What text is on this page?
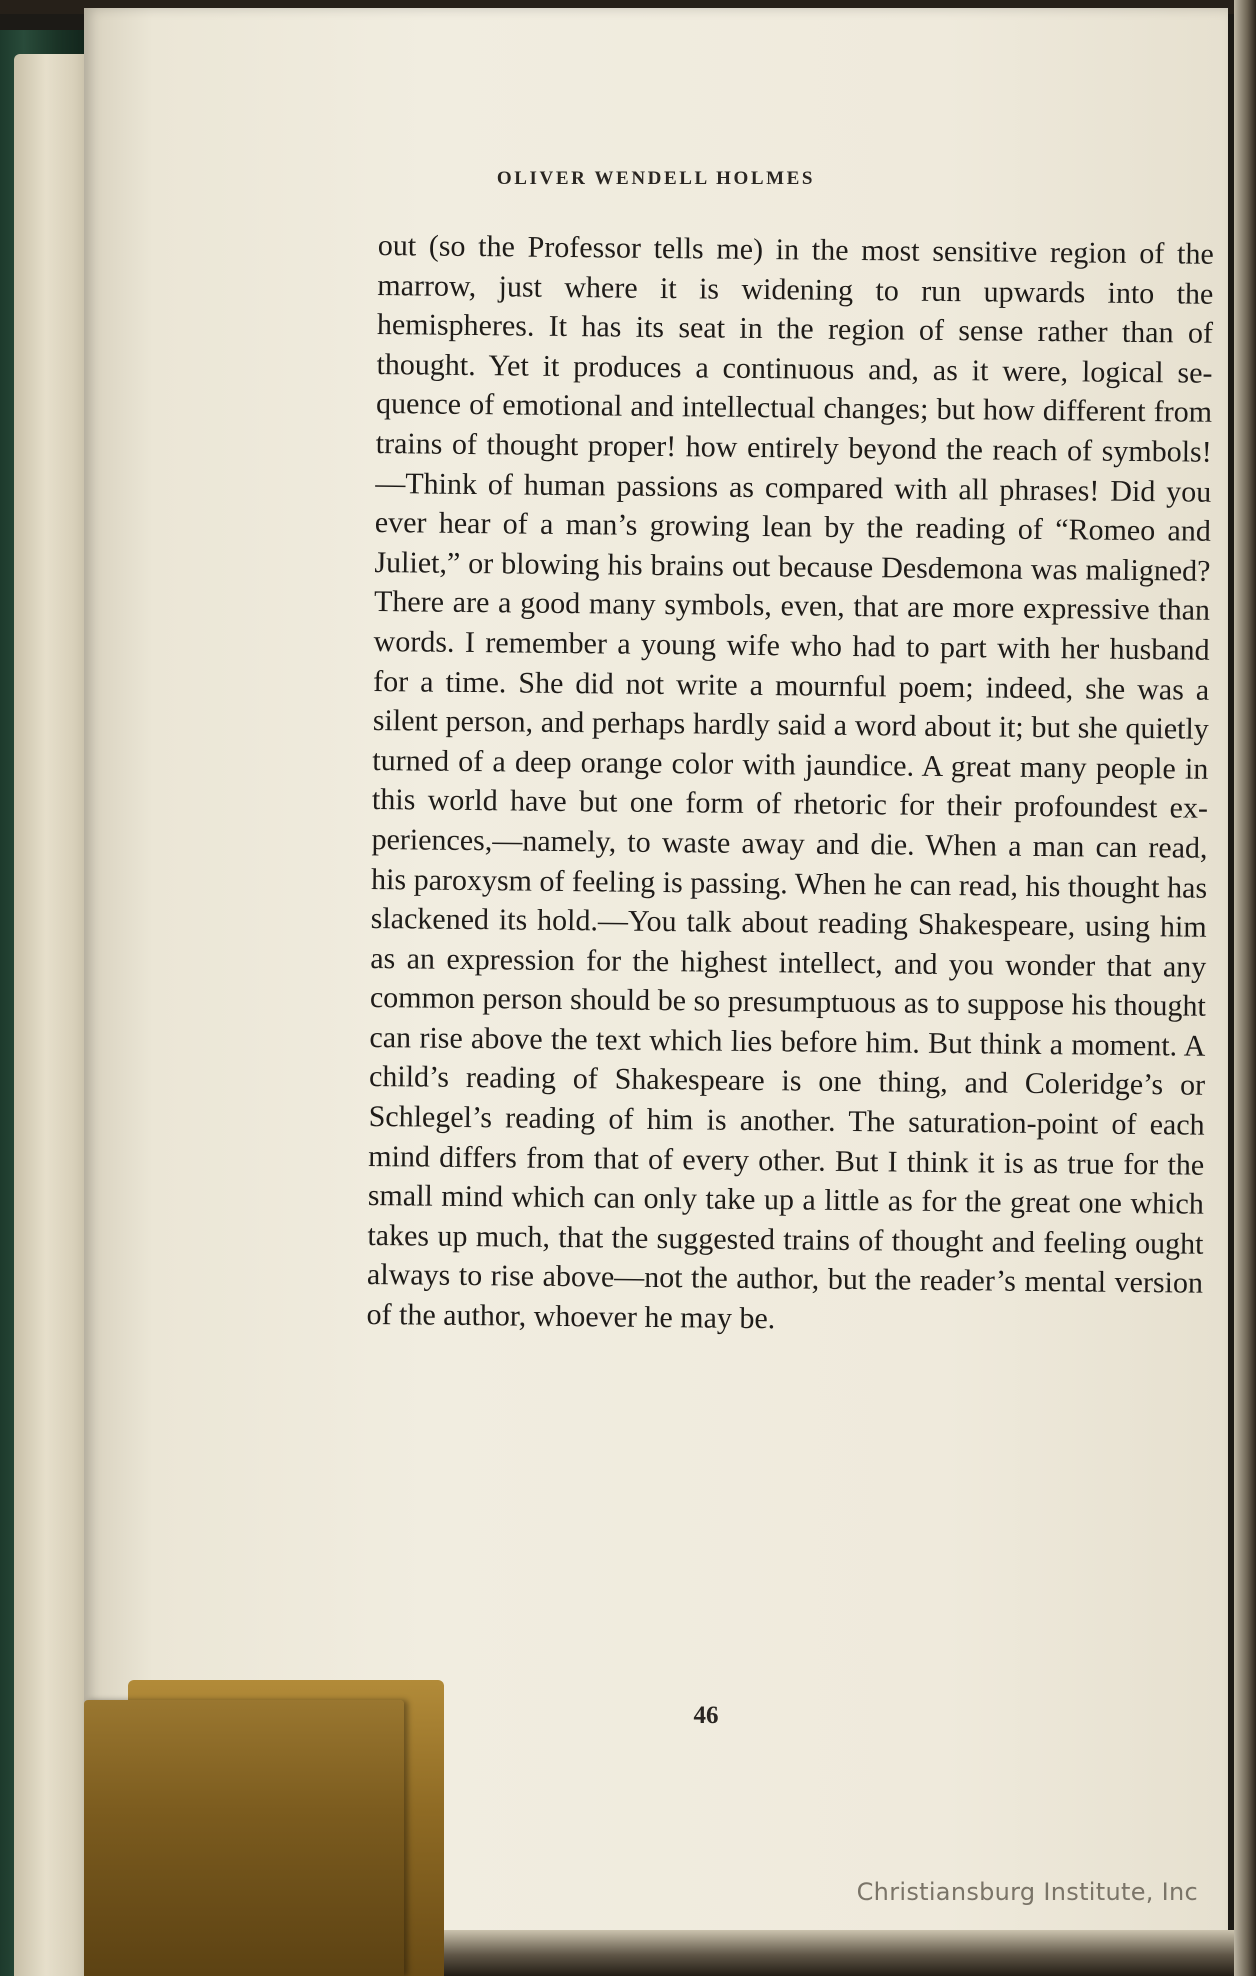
OLIVER WENDELL HOLMES

out (so the Professor tells me) in the most sensitive region of the marrow, just where it is widening to run upwards into the hemispheres. It has its seat in the region of sense rather than of thought. Yet it produces a continuous and, as it were, logical sequence of emotional and intellectual changes; but how different from trains of thought proper! how entirely beyond the reach of symbols!—Think of human passions as compared with all phrases! Did you ever hear of a man’s growing lean by the reading of “Romeo and Juliet,” or blowing his brains out because Desdemona was maligned? There are a good many symbols, even, that are more expressive than words. I remember a young wife who had to part with her husband for a time. She did not write a mournful poem; indeed, she was a silent person, and perhaps hardly said a word about it; but she quietly turned of a deep orange color with jaundice. A great many people in this world have but one form of rhetoric for their profoundest experiences,—namely, to waste away and die. When a man can read, his paroxysm of feeling is passing. When he can read, his thought has slackened its hold.—You talk about reading Shakespeare, using him as an expression for the highest intellect, and you wonder that any common person should be so presumptuous as to suppose his thought can rise above the text which lies before him. But think a moment. A child’s reading of Shakespeare is one thing, and Coleridge’s or Schlegel’s reading of him is another. The saturation-point of each mind differs from that of every other. But I think it is as true for the small mind which can only take up a little as for the great one which takes up much, that the suggested trains of thought and feeling ought always to rise above—not the author, but the reader’s mental version of the author, whoever he may be.

46
Christiansburg Institute, Inc
